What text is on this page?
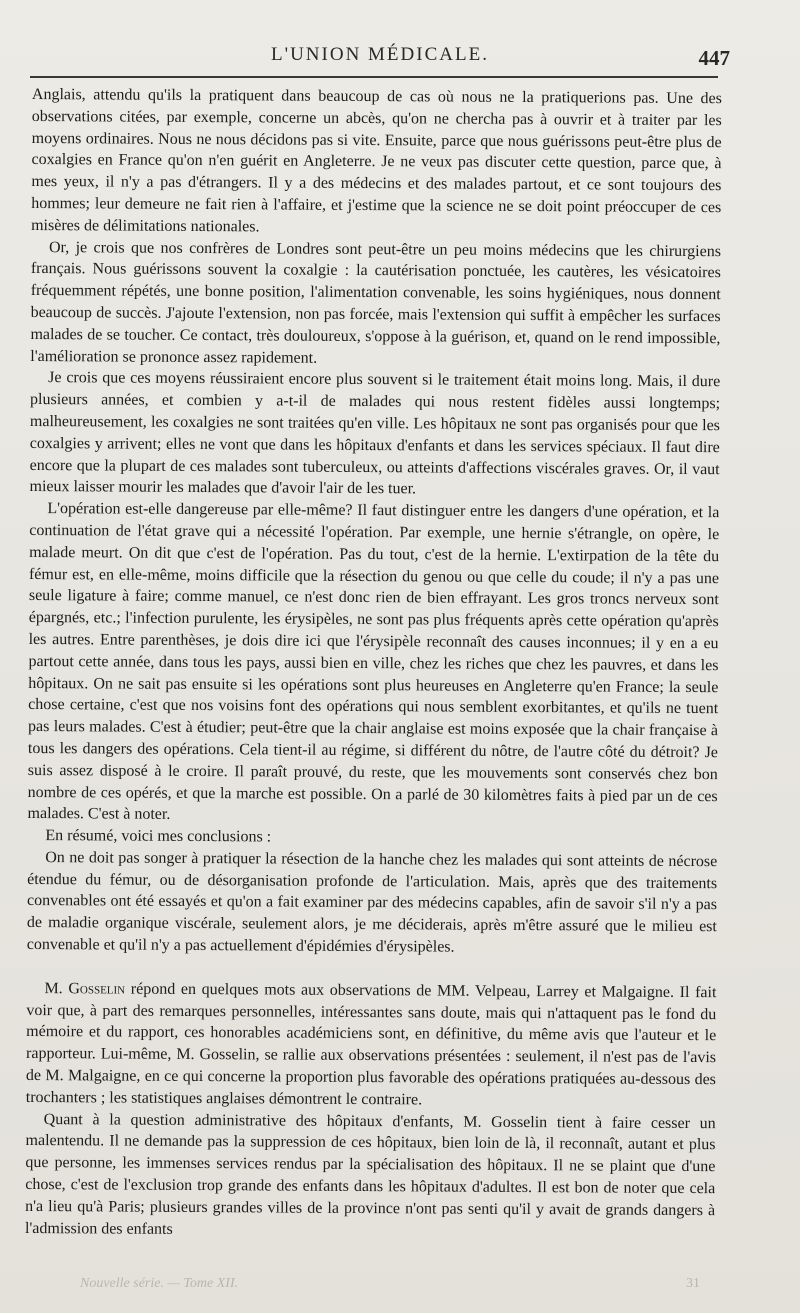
L'UNION MÉDICALE.	447

Anglais, attendu qu'ils la pratiquent dans beaucoup de cas où nous ne la pratiquerions pas. Une des observations citées, par exemple, concerne un abcès, qu'on ne chercha pas à ouvrir et à traiter par les moyens ordinaires. Nous ne nous décidons pas si vite. Ensuite, parce que nous guérissons peut-être plus de coxalgies en France qu'on n'en guérit en Angleterre. Je ne veux pas discuter cette question, parce que, à mes yeux, il n'y a pas d'étrangers. Il y a des médecins et des malades partout, et ce sont toujours des hommes; leur demeure ne fait rien à l'affaire, et j'estime que la science ne se doit point préoccuper de ces misères de délimitations nationales.

Or, je crois que nos confrères de Londres sont peut-être un peu moins médecins que les chirurgiens français. Nous guérissons souvent la coxalgie : la cautérisation ponctuée, les cautères, les vésicatoires fréquemment répétés, une bonne position, l'alimentation convenable, les soins hygiéniques, nous donnent beaucoup de succès. J'ajoute l'extension, non pas forcée, mais l'extension qui suffit à empêcher les surfaces malades de se toucher. Ce contact, très douloureux, s'oppose à la guérison, et, quand on le rend impossible, l'amélioration se prononce assez rapidement.

Je crois que ces moyens réussiraient encore plus souvent si le traitement était moins long. Mais, il dure plusieurs années, et combien y a-t-il de malades qui nous restent fidèles aussi longtemps; malheureusement, les coxalgies ne sont traitées qu'en ville. Les hôpitaux ne sont pas organisés pour que les coxalgies y arrivent; elles ne vont que dans les hôpitaux d'enfants et dans les services spéciaux. Il faut dire encore que la plupart de ces malades sont tuberculeux, ou atteints d'affections viscérales graves. Or, il vaut mieux laisser mourir les malades que d'avoir l'air de les tuer.

L'opération est-elle dangereuse par elle-même? Il faut distinguer entre les dangers d'une opération, et la continuation de l'état grave qui a nécessité l'opération. Par exemple, une hernie s'étrangle, on opère, le malade meurt. On dit que c'est de l'opération. Pas du tout, c'est de la hernie. L'extirpation de la tête du fémur est, en elle-même, moins difficile que la résection du genou ou que celle du coude; il n'y a pas une seule ligature à faire; comme manuel, ce n'est donc rien de bien effrayant. Les gros troncs nerveux sont épargnés, etc.; l'infection purulente, les érysipèles, ne sont pas plus fréquents après cette opération qu'après les autres. Entre parenthèses, je dois dire ici que l'érysipèle reconnaît des causes inconnues; il y en a eu partout cette année, dans tous les pays, aussi bien en ville, chez les riches que chez les pauvres, et dans les hôpitaux. On ne sait pas ensuite si les opérations sont plus heureuses en Angleterre qu'en France; la seule chose certaine, c'est que nos voisins font des opérations qui nous semblent exorbitantes, et qu'ils ne tuent pas leurs malades. C'est à étudier; peut-être que la chair anglaise est moins exposée que la chair française à tous les dangers des opérations. Cela tient-il au régime, si différent du nôtre, de l'autre côté du détroit? Je suis assez disposé à le croire. Il paraît prouvé, du reste, que les mouvements sont conservés chez bon nombre de ces opérés, et que la marche est possible. On a parlé de 30 kilomètres faits à pied par un de ces malades. C'est à noter.

En résumé, voici mes conclusions :

On ne doit pas songer à pratiquer la résection de la hanche chez les malades qui sont atteints de nécrose étendue du fémur, ou de désorganisation profonde de l'articulation. Mais, après que des traitements convenables ont été essayés et qu'on a fait examiner par des médecins capables, afin de savoir s'il n'y a pas de maladie organique viscérale, seulement alors, je me déciderais, après m'être assuré que le milieu est convenable et qu'il n'y a pas actuellement d'épidémies d'érysipèles.

M. Gosselin répond en quelques mots aux observations de MM. Velpeau, Larrey et Malgaigne. Il fait voir que, à part des remarques personnelles, intéressantes sans doute, mais qui n'attaquent pas le fond du mémoire et du rapport, ces honorables académiciens sont, en définitive, du même avis que l'auteur et le rapporteur. Lui-même, M. Gosselin, se rallie aux observations présentées : seulement, il n'est pas de l'avis de M. Malgaigne, en ce qui concerne la proportion plus favorable des opérations pratiquées au-dessous des trochanters ; les statistiques anglaises démontrent le contraire.

Quant à la question administrative des hôpitaux d'enfants, M. Gosselin tient à faire cesser un malentendu. Il ne demande pas la suppression de ces hôpitaux, bien loin de là, il reconnaît, autant et plus que personne, les immenses services rendus par la spécialisation des hôpitaux. Il ne se plaint que d'une chose, c'est de l'exclusion trop grande des enfants dans les hôpitaux d'adultes. Il est bon de noter que cela n'a lieu qu'à Paris; plusieurs grandes villes de la province n'ont pas senti qu'il y avait de grands dangers à l'admission des enfants

Nouvelle série. — Tome XII.	31
